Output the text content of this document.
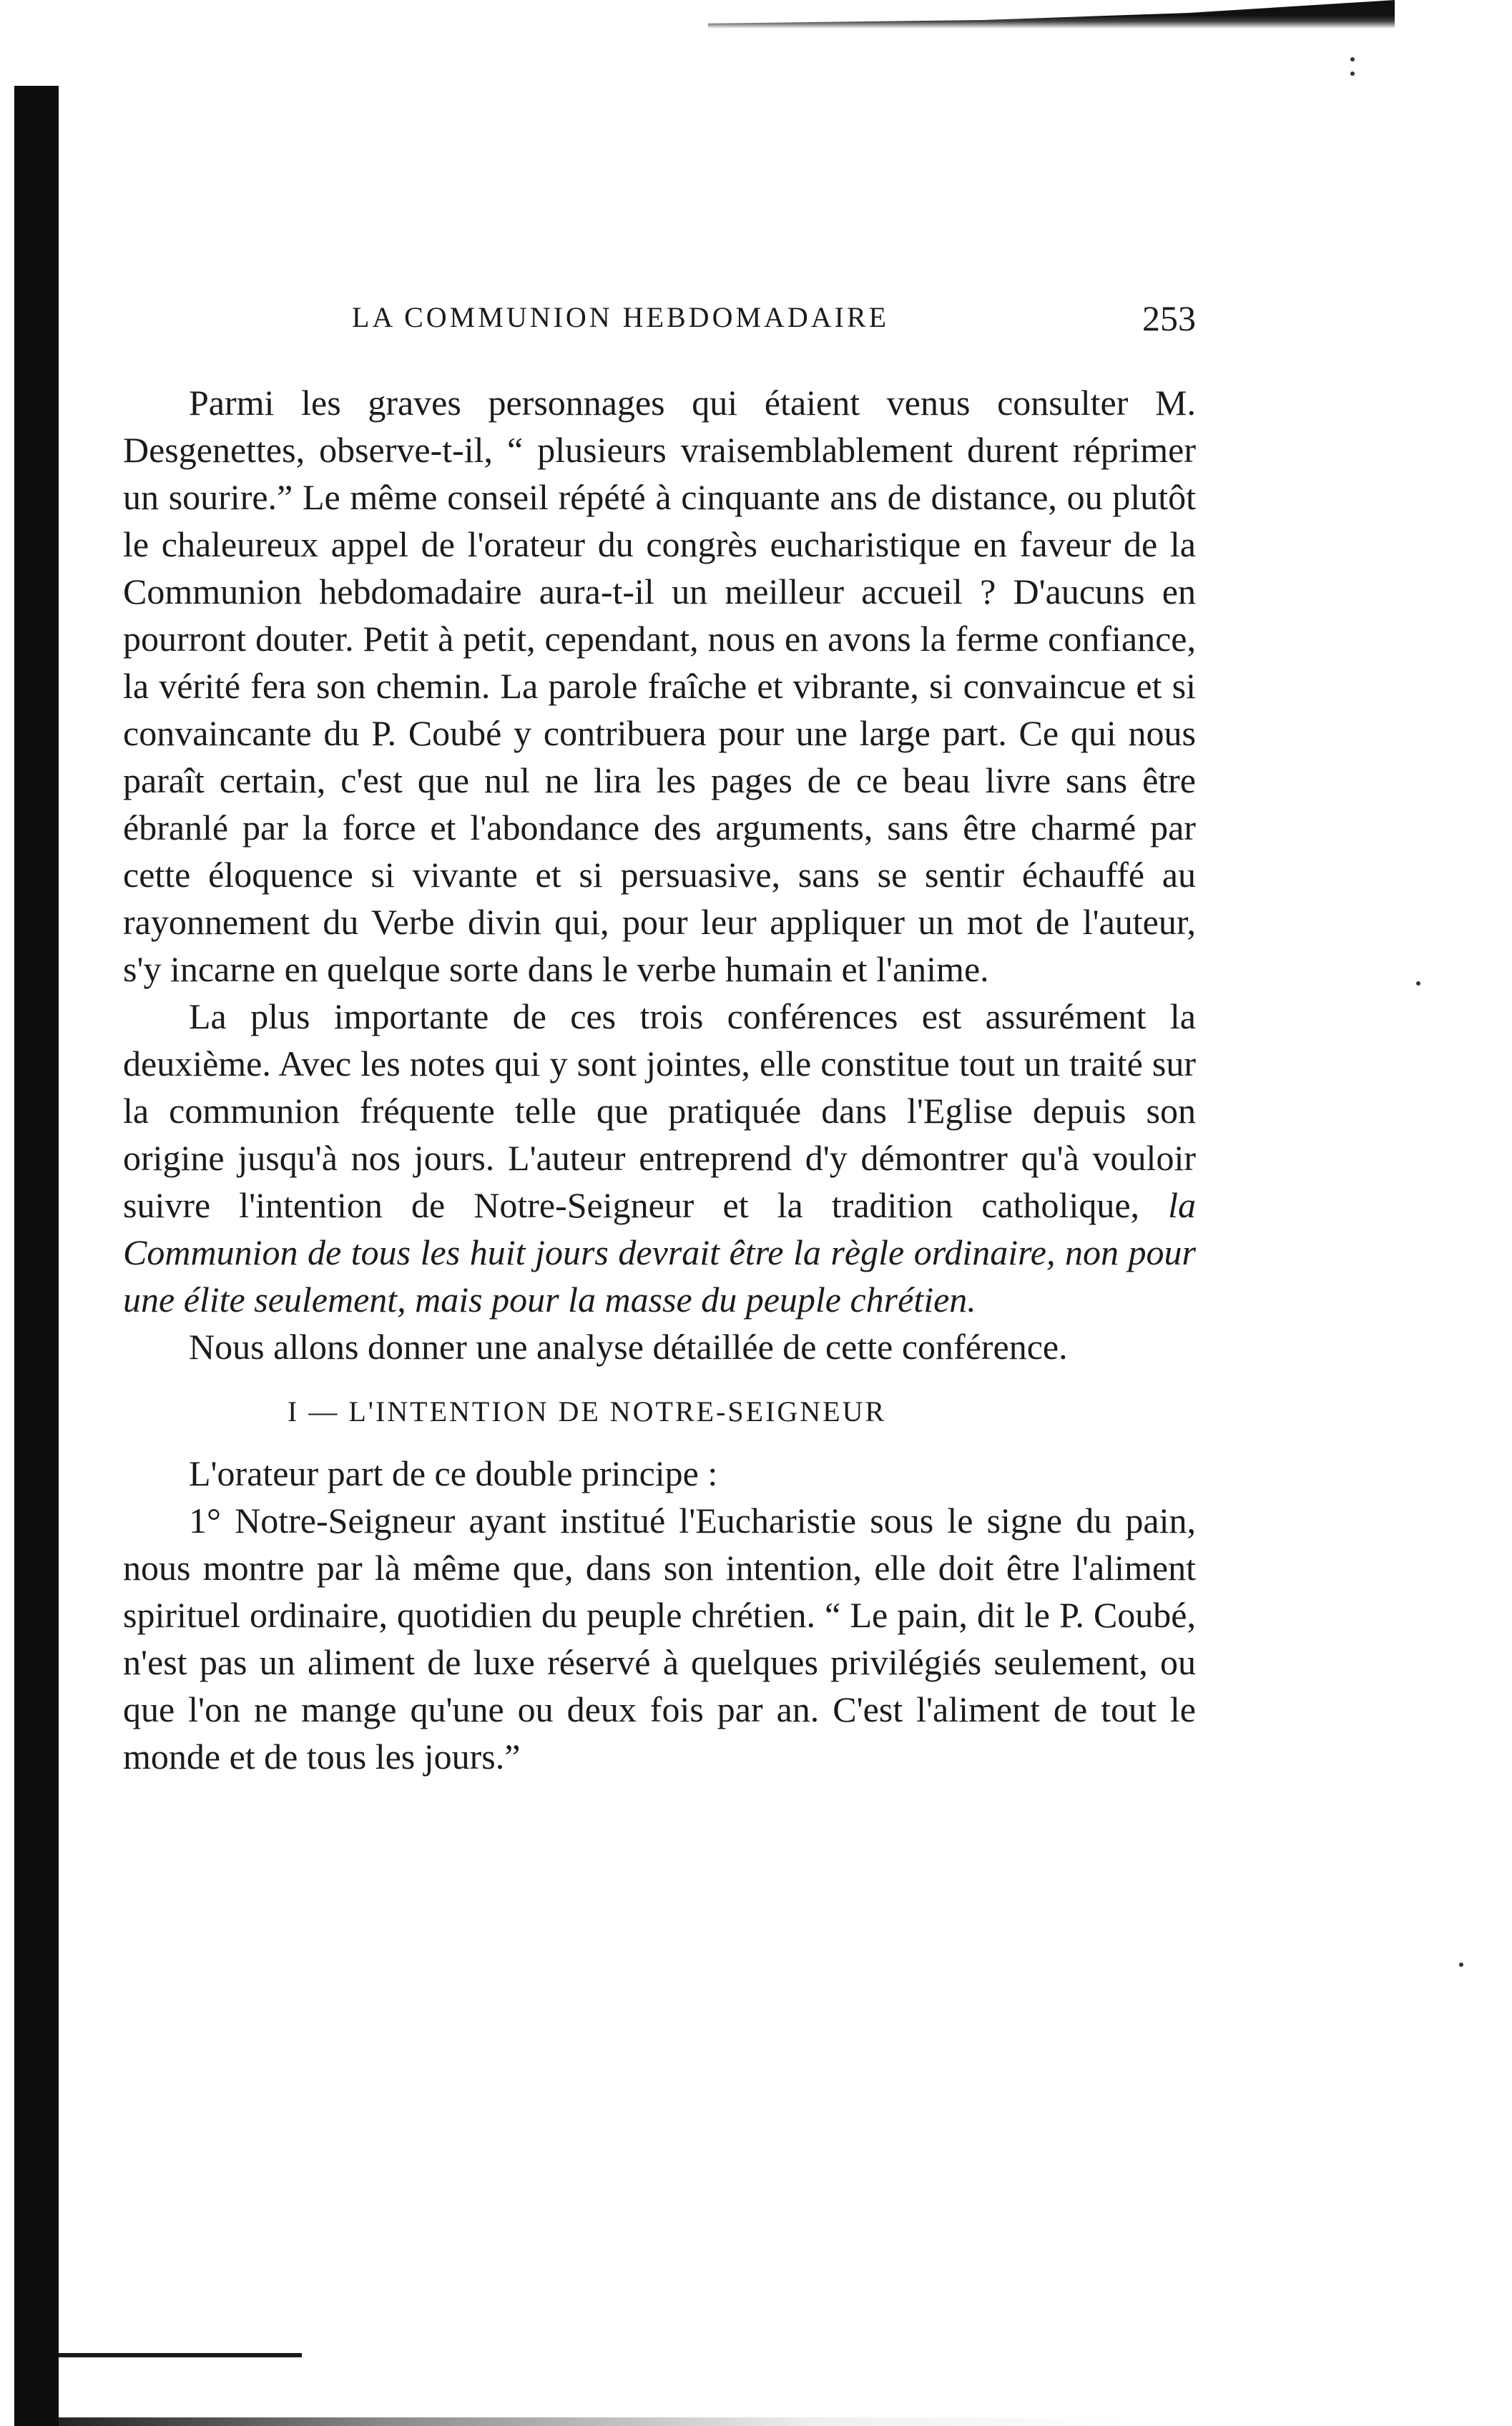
LA COMMUNION HEBDOMADAIRE	253

Parmi les graves personnages qui étaient venus consulter M. Desgenettes, observe-t-il, “ plusieurs vraisemblablement durent réprimer un sourire.” Le même conseil répété à cinquante ans de distance, ou plutôt le chaleureux appel de l'orateur du congrès eucharistique en faveur de la Communion hebdomadaire aura-t-il un meilleur accueil ? D'aucuns en pourront douter. Petit à petit, cependant, nous en avons la ferme confiance, la vérité fera son chemin. La parole fraîche et vibrante, si convaincue et si convaincante du P. Coubé y contribuera pour une large part. Ce qui nous paraît certain, c'est que nul ne lira les pages de ce beau livre sans être ébranlé par la force et l'abondance des arguments, sans être charmé par cette éloquence si vivante et si persuasive, sans se sentir échauffé au rayonnement du Verbe divin qui, pour leur appliquer un mot de l'auteur, s'y incarne en quelque sorte dans le verbe humain et l'anime.

La plus importante de ces trois conférences est assurément la deuxième. Avec les notes qui y sont jointes, elle constitue tout un traité sur la communion fréquente telle que pratiquée dans l'Eglise depuis son origine jusqu'à nos jours. L'auteur entreprend d'y démontrer qu'à vouloir suivre l'intention de Notre-Seigneur et la tradition catholique, la Communion de tous les huit jours devrait être la règle ordinaire, non pour une élite seulement, mais pour la masse du peuple chrétien.

Nous allons donner une analyse détaillée de cette conférence.

I — L'INTENTION DE NOTRE-SEIGNEUR

L'orateur part de ce double principe :

1° Notre-Seigneur ayant institué l'Eucharistie sous le signe du pain, nous montre par là même que, dans son intention, elle doit être l'aliment spirituel ordinaire, quotidien du peuple chrétien. “ Le pain, dit le P. Coubé, n'est pas un aliment de luxe réservé à quelques privilégiés seulement, ou que l'on ne mange qu'une ou deux fois par an. C'est l'aliment de tout le monde et de tous les jours.”
